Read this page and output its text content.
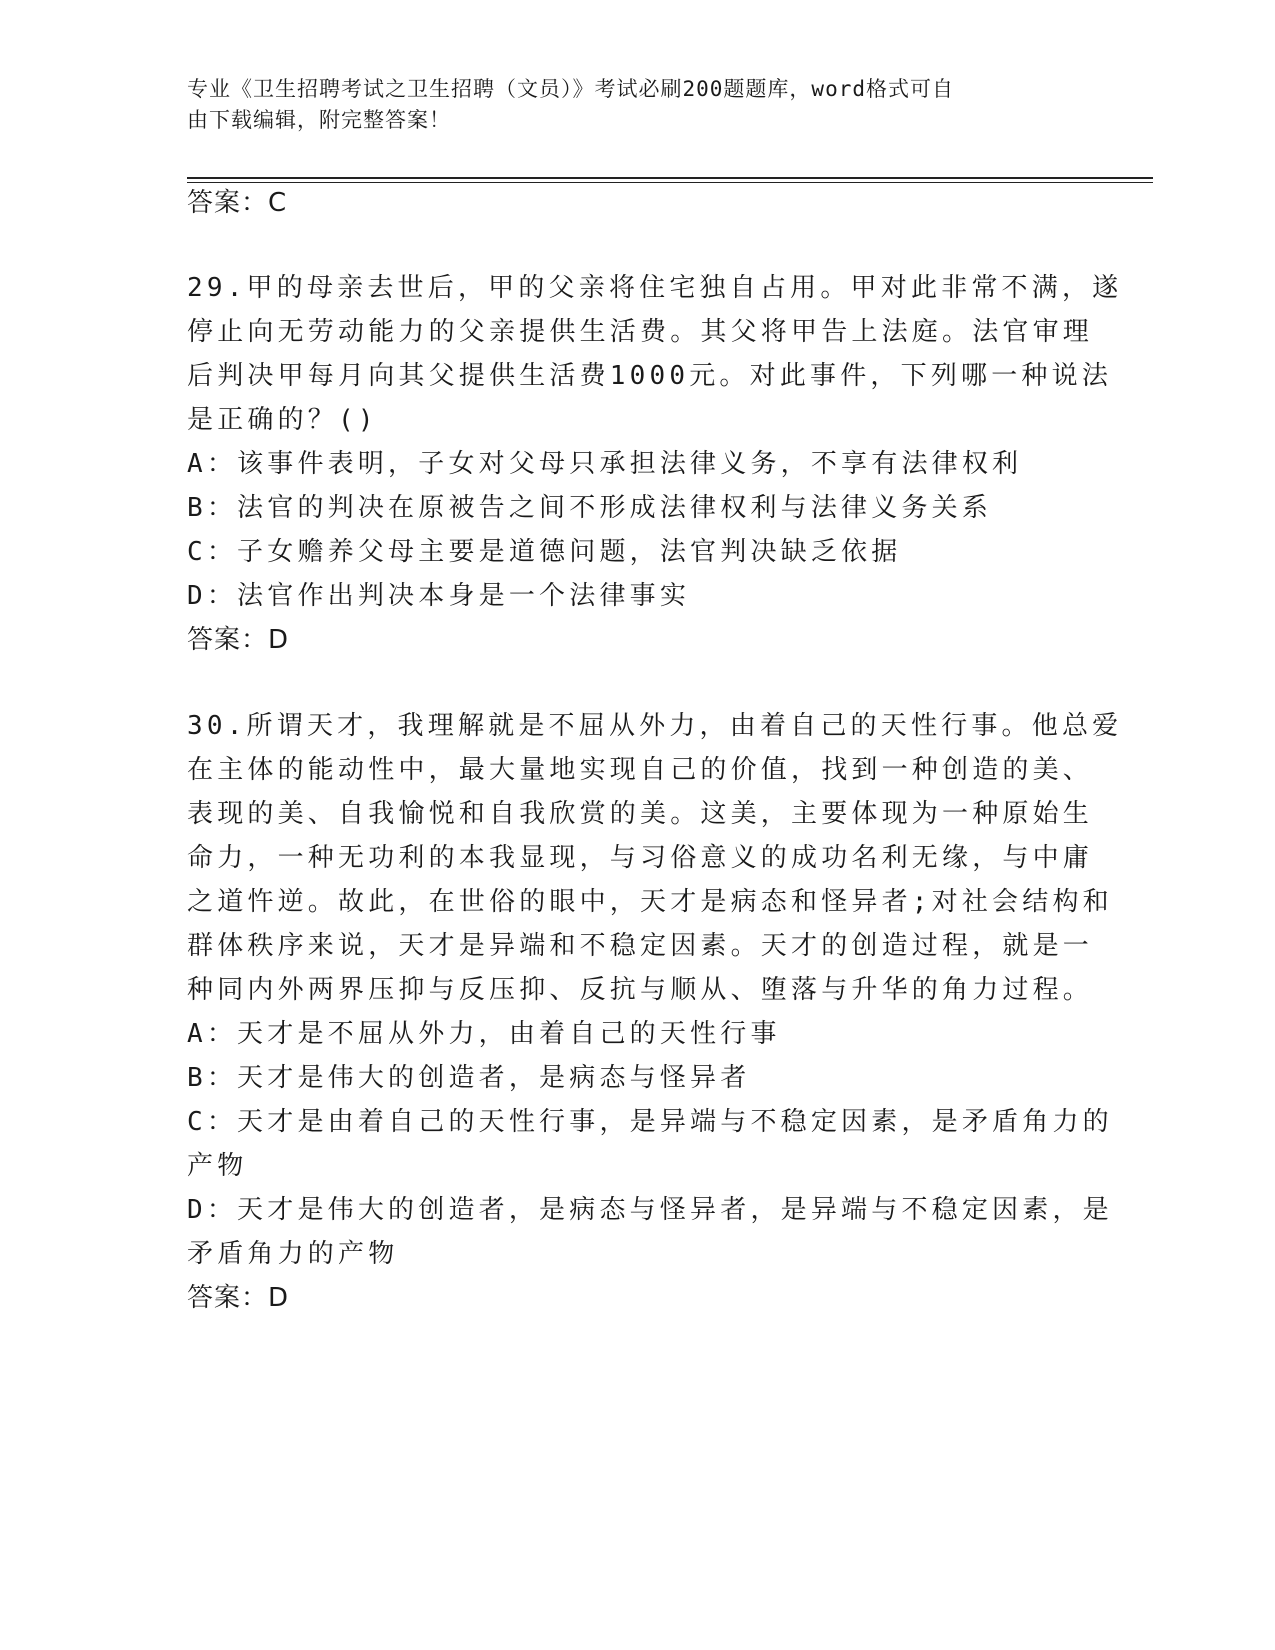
专业《卫生招聘考试之卫生招聘（文员）》考试必刷200题题库，word格式可自
由下载编辑，附完整答案！
答案：C
29.甲的母亲去世后，甲的父亲将住宅独自占用。甲对此非常不满，遂
停止向无劳动能力的父亲提供生活费。其父将甲告上法庭。法官审理
后判决甲每月向其父提供生活费1000元。对此事件，下列哪一种说法
是正确的？()
A：该事件表明，子女对父母只承担法律义务，不享有法律权利
B：法官的判决在原被告之间不形成法律权利与法律义务关系
C：子女赡养父母主要是道德问题，法官判决缺乏依据
D：法官作出判决本身是一个法律事实
答案：D
30.所谓天才，我理解就是不屈从外力，由着自己的天性行事。他总爱
在主体的能动性中，最大量地实现自己的价值，找到一种创造的美、
表现的美、自我愉悦和自我欣赏的美。这美，主要体现为一种原始生
命力，一种无功利的本我显现，与习俗意义的成功名利无缘，与中庸
之道忤逆。故此，在世俗的眼中，天才是病态和怪异者;对社会结构和
群体秩序来说，天才是异端和不稳定因素。天才的创造过程，就是一
种同内外两界压抑与反压抑、反抗与顺从、堕落与升华的角力过程。
A：天才是不屈从外力，由着自己的天性行事
B：天才是伟大的创造者，是病态与怪异者
C：天才是由着自己的天性行事，是异端与不稳定因素，是矛盾角力的
产物
D：天才是伟大的创造者，是病态与怪异者，是异端与不稳定因素，是
矛盾角力的产物
答案：D
